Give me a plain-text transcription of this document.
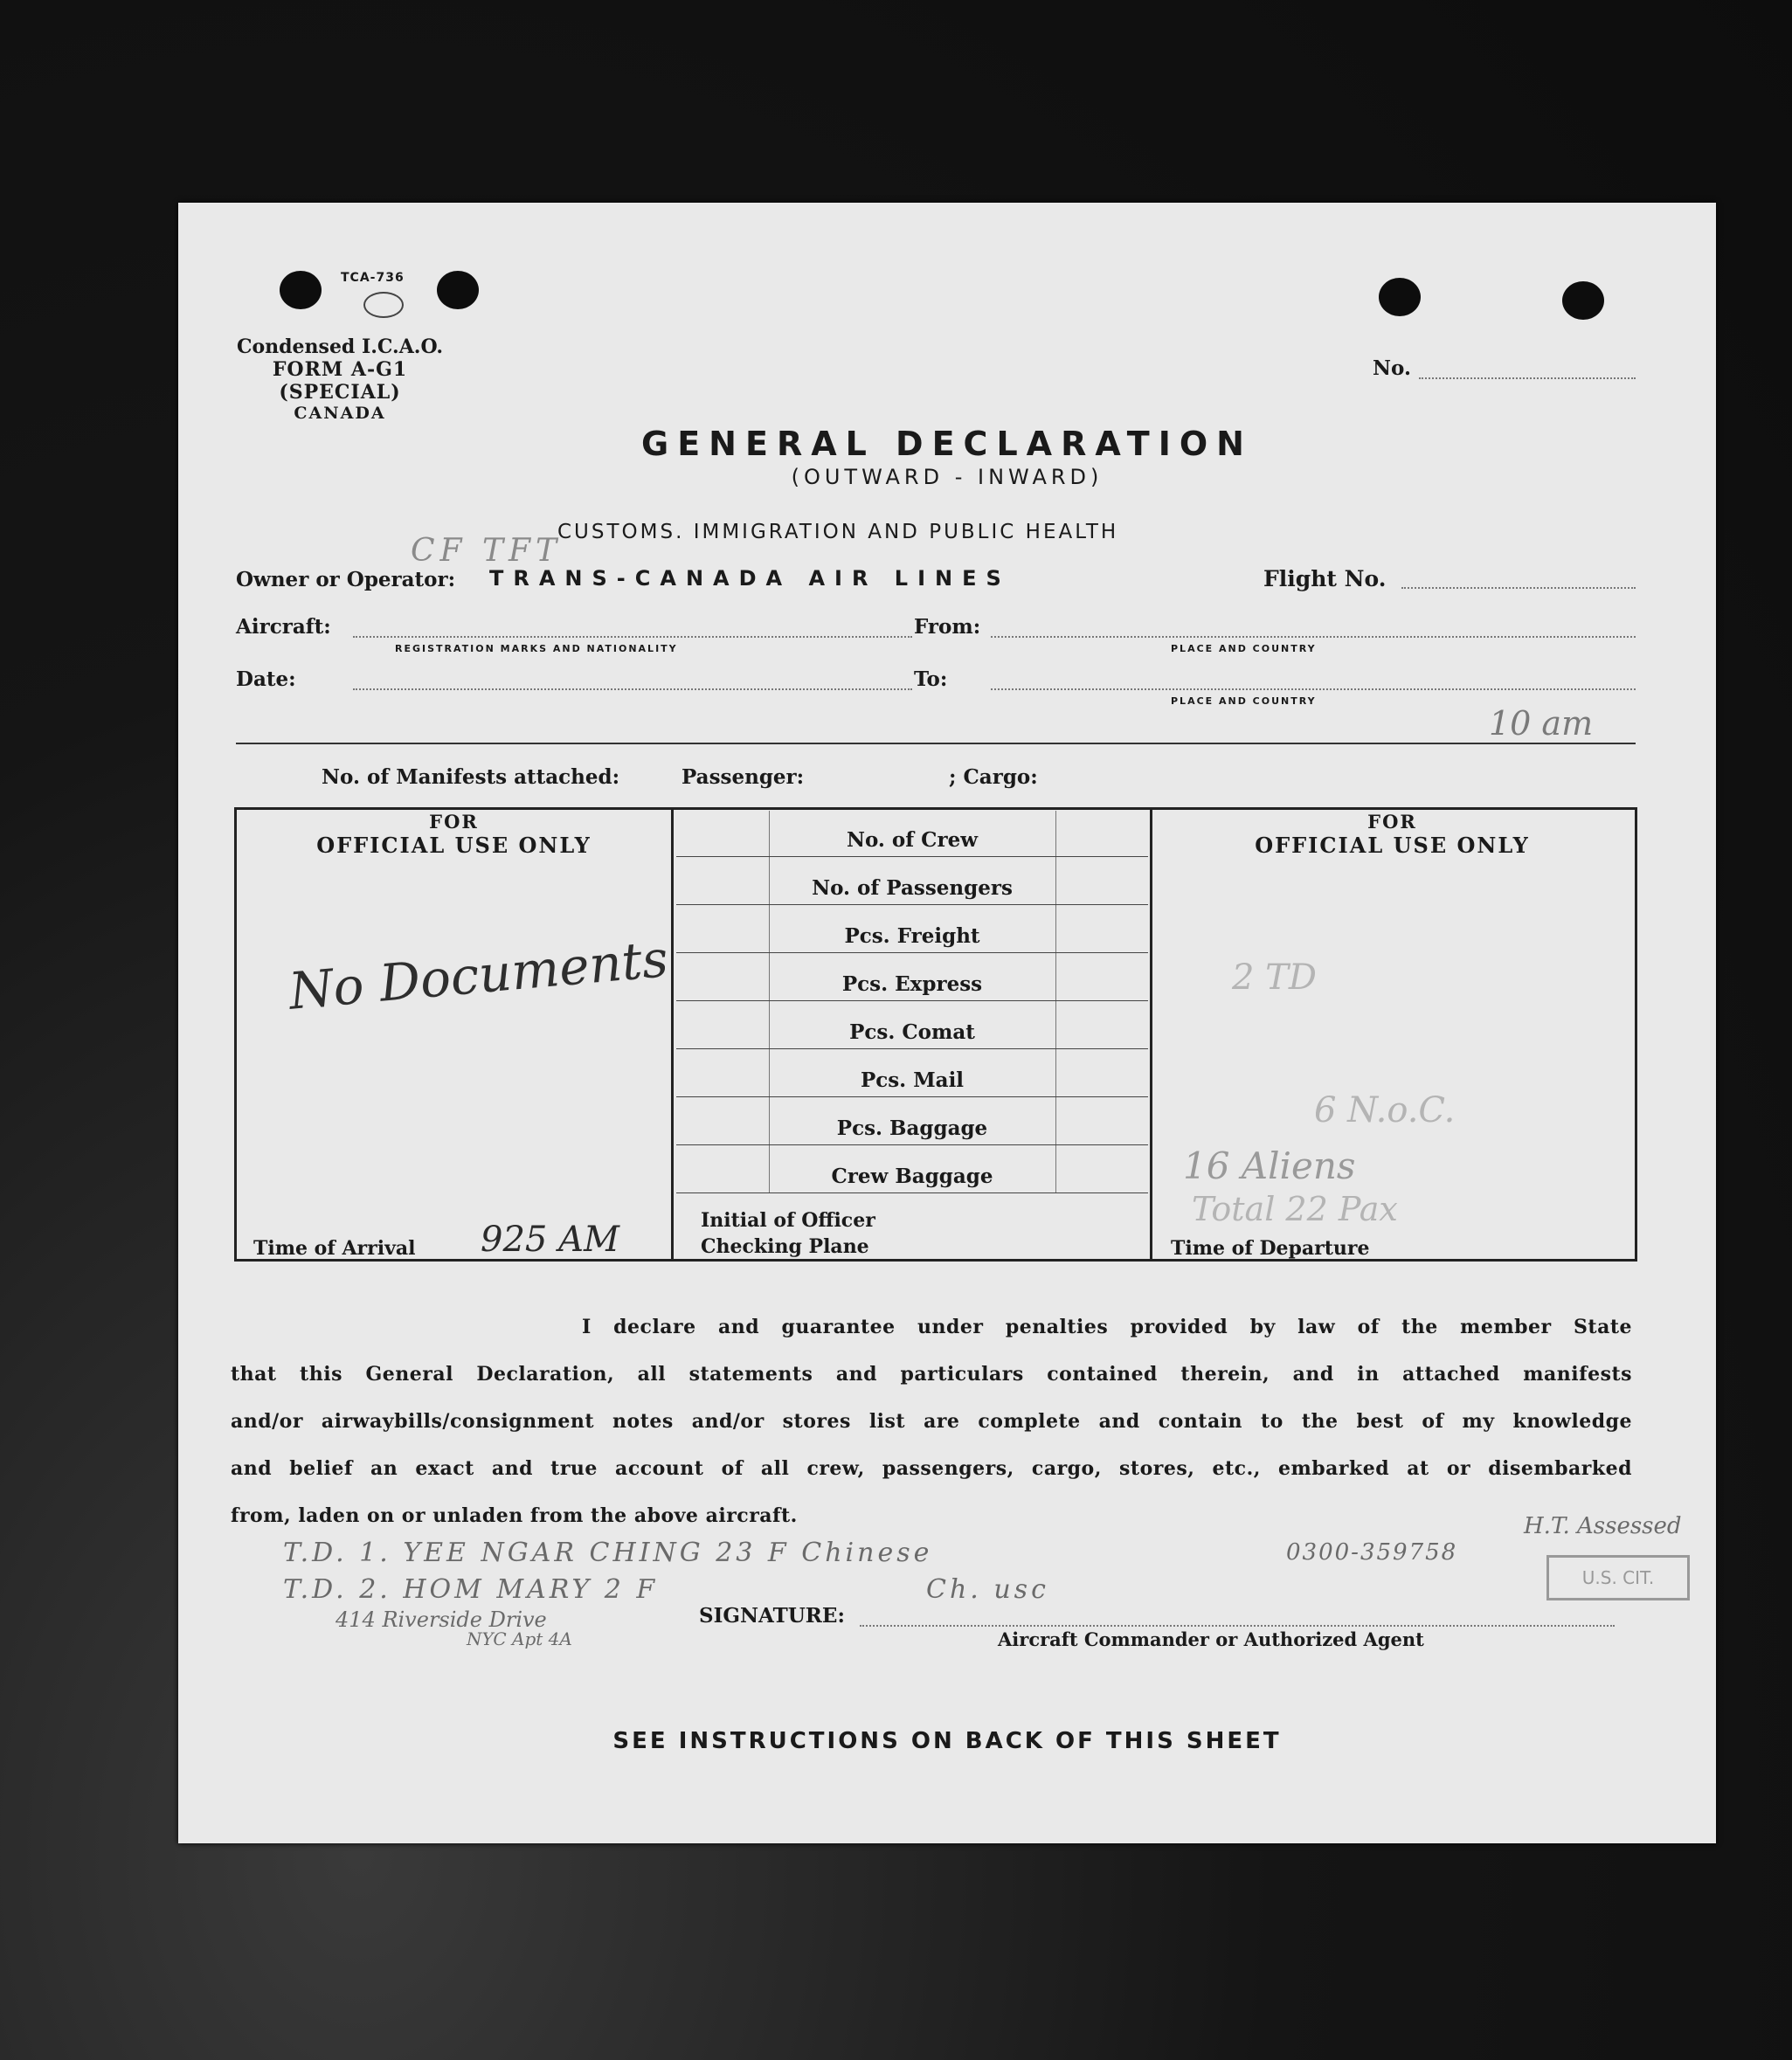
TCA-736
Condensed I.C.A.O.
FORM A-G1 (SPECIAL)
CANADA
No.
GENERAL DECLARATION
(OUTWARD - INWARD)
CUSTOMS. IMMIGRATION AND PUBLIC HEALTH
CF TFT
Owner or Operator: TRANS-CANADA AIR LINES	Flight No.
Aircraft:
REGISTRATION MARKS AND NATIONALITY
From:
PLACE AND COUNTRY
Date:	To:
PLACE AND COUNTRY
10 am
No. of Manifests attached:	Passenger:	; Cargo:
FOR
OFFICIAL USE ONLY
No Documents
Time of Arrival 925 AM
No. of Crew
No. of Passengers
Pcs. Freight
Pcs. Express
Pcs. Comat
Pcs. Mail
Pcs. Baggage
Crew Baggage
Initial of Officer
Checking Plane
FOR
OFFICIAL USE ONLY
2 TD
6 N.o.C.
16 Aliens
Total 22 Pax
Time of Departure
I declare and guarantee under penalties provided by law of the member State
that this General Declaration, all statements and particulars contained therein, and in attached manifests
and/or airwaybills/consignment notes and/or stores list are complete and contain to the best of my knowledge
and belief an exact and true account of all crew, passengers, cargo, stores, etc., embarked at or disembarked
from, laden on or unladen from the above aircraft.
T.D. 1. YEE NGAR CHING 23 F Chinese	0300-359758
H.T. Assessed
T.D. 2. HOM MARY 2 F	Ch. usc
414 Riverside Drive
NYC Apt 4A
U.S. CIT.
SIGNATURE:
Aircraft Commander or Authorized Agent
SEE INSTRUCTIONS ON BACK OF THIS SHEET
